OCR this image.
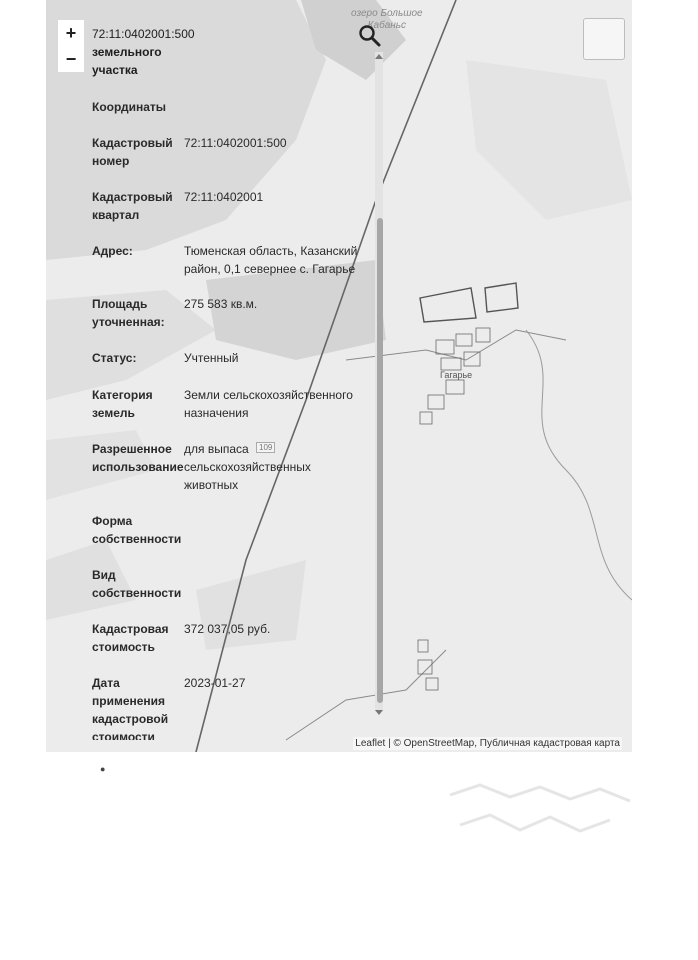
озеро Большое
Кабаньс
Гагарье
109
Leaflet | © OpenStreetMap, Публичная кадастровая карта
+
−
72:11:0402001:500
земельного
участка
Координаты
Кадастровый
номер
72:11:0402001:500
Кадастровый
квартал
72:11:0402001
Адрес:	Тюменская область, Казанский
район, 0,1 севернее с. Гагарье
Площадь
уточненная:
275 583 кв.м.
Статус:	Учтенный
Категория
земель
Земли сельскохозяйственного
назначения
Разрешенное
использование
для выпаса
сельскохозяйственных
животных
Форма
собственности
Вид
собственности
Кадастровая
стоимость
372 037,05 руб.
Дата
применения
кадастровой
стоимости
2023-01-27
●
